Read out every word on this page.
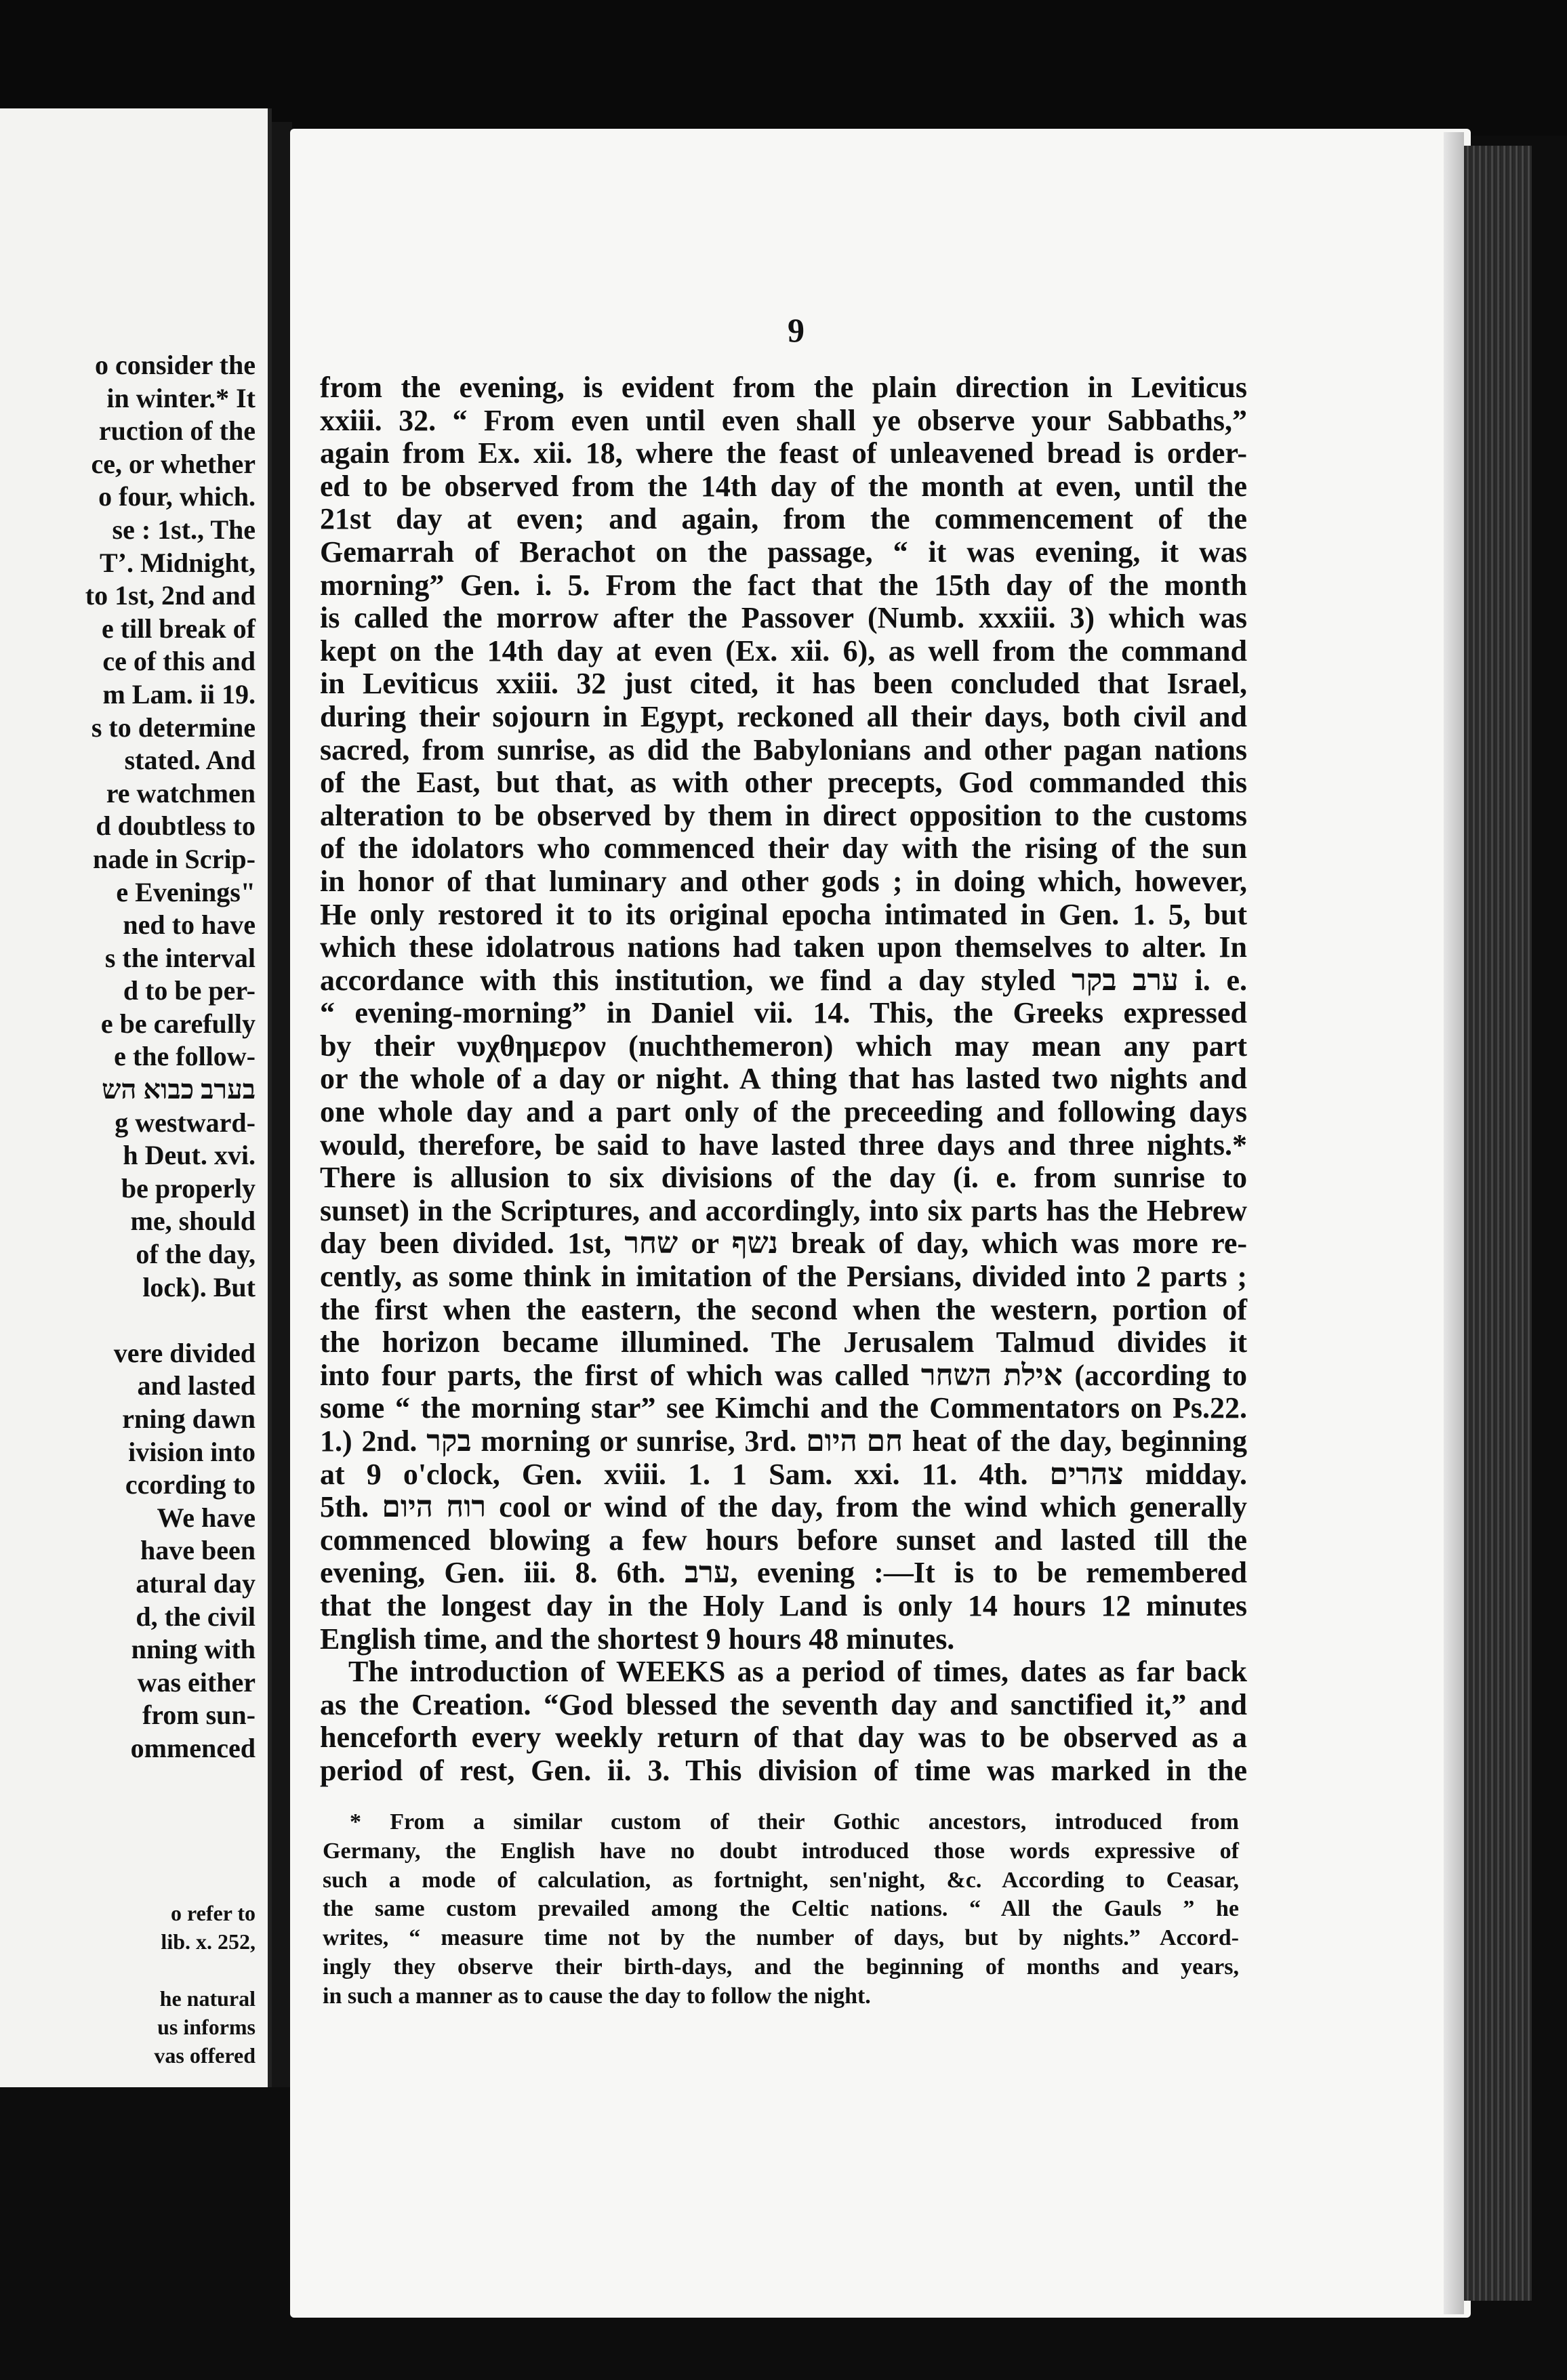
o consider the
in winter.* It
ruction of the
ce, or whether
o four, which.
se : 1st., The
Tʼ. Midnight,
to 1st, 2nd and
e till break of
ce of this and
m Lam. ii 19.
s to determine
stated. And
re watchmen
d doubtless to
nade in Scrip-
e Evenings"
ned to have
s the interval
d to be per-
e be carefully
e the follow-
בערב כבוא הש
g westward-
h Deut. xvi.
be properly
me, should
of the day,
lock). But
vere divided
and lasted
rning dawn
ivision into
ccording to
We have
have been
atural day
d, the civil
nning with
was either
from sun-
ommenced
o refer to
lib. x. 252,
he natural
us informs
vas offered
9
from the evening, is evident from the plain direction in Leviticus
xxiii. 32. “ From even until even shall ye observe your Sabbaths,”
again from Ex. xii. 18, where the feast of unleavened bread is order-
ed to be observed from the 14th day of the month at even, until the
21st day at even; and again, from the commencement of the
Gemarrah of Berachot on the passage, “ it was evening, it was
morning” Gen. i. 5. From the fact that the 15th day of the month
is called the morrow after the Passover (Numb. xxxiii. 3) which was
kept on the 14th day at even (Ex. xii. 6), as well from the command
in Leviticus xxiii. 32 just cited, it has been concluded that Israel,
during their sojourn in Egypt, reckoned all their days, both civil and
sacred, from sunrise, as did the Babylonians and other pagan nations
of the East, but that, as with other precepts, God commanded this
alteration to be observed by them in direct opposition to the customs
of the idolators who commenced their day with the rising of the sun
in honor of that luminary and other gods ; in doing which, however,
He only restored it to its original epocha intimated in Gen. 1. 5, but
which these idolatrous nations had taken upon themselves to alter. In
accordance with this institution, we find a day styled ערב בקר i. e.
“ evening-morning” in Daniel vii. 14. This, the Greeks expressed
by their νυχθημερον (nuchthemeron) which may mean any part
or the whole of a day or night. A thing that has lasted two nights and
one whole day and a part only of the preceeding and following days
would, therefore, be said to have lasted three days and three nights.*
There is allusion to six divisions of the day (i. e. from sunrise to
sunset) in the Scriptures, and accordingly, into six parts has the Hebrew
day been divided. 1st, שחר or נשף break of day, which was more re-
cently, as some think in imitation of the Persians, divided into 2 parts ;
the first when the eastern, the second when the western, portion of
the horizon became illumined. The Jerusalem Talmud divides it
into four parts, the first of which was called אילת השחר (according to
some “ the morning star” see Kimchi and the Commentators on Ps.22.
1.) 2nd. בקר morning or sunrise, 3rd. חם היום heat of the day, beginning
at 9 o'clock, Gen. xviii. 1. 1 Sam. xxi. 11. 4th. צהרים midday.
5th. רוח היום cool or wind of the day, from the wind which generally
commenced blowing a few hours before sunset and lasted till the
evening, Gen. iii. 8. 6th. ערב, evening :—It is to be remembered
that the longest day in the Holy Land is only 14 hours 12 minutes
English time, and the shortest 9 hours 48 minutes.
The introduction of WEEKS as a period of times, dates as far back
as the Creation. “God blessed the seventh day and sanctified it,” and
henceforth every weekly return of that day was to be observed as a
period of rest, Gen. ii. 3. This division of time was marked in the
* From a similar custom of their Gothic ancestors, introduced from
Germany, the English have no doubt introduced those words expressive of
such a mode of calculation, as fortnight, sen'night, &c. According to Ceasar,
the same custom prevailed among the Celtic nations. “ All the Gauls ” he
writes, “ measure time not by the number of days, but by nights.” Accord-
ingly they observe their birth-days, and the beginning of months and years,
in such a manner as to cause the day to follow the night.
